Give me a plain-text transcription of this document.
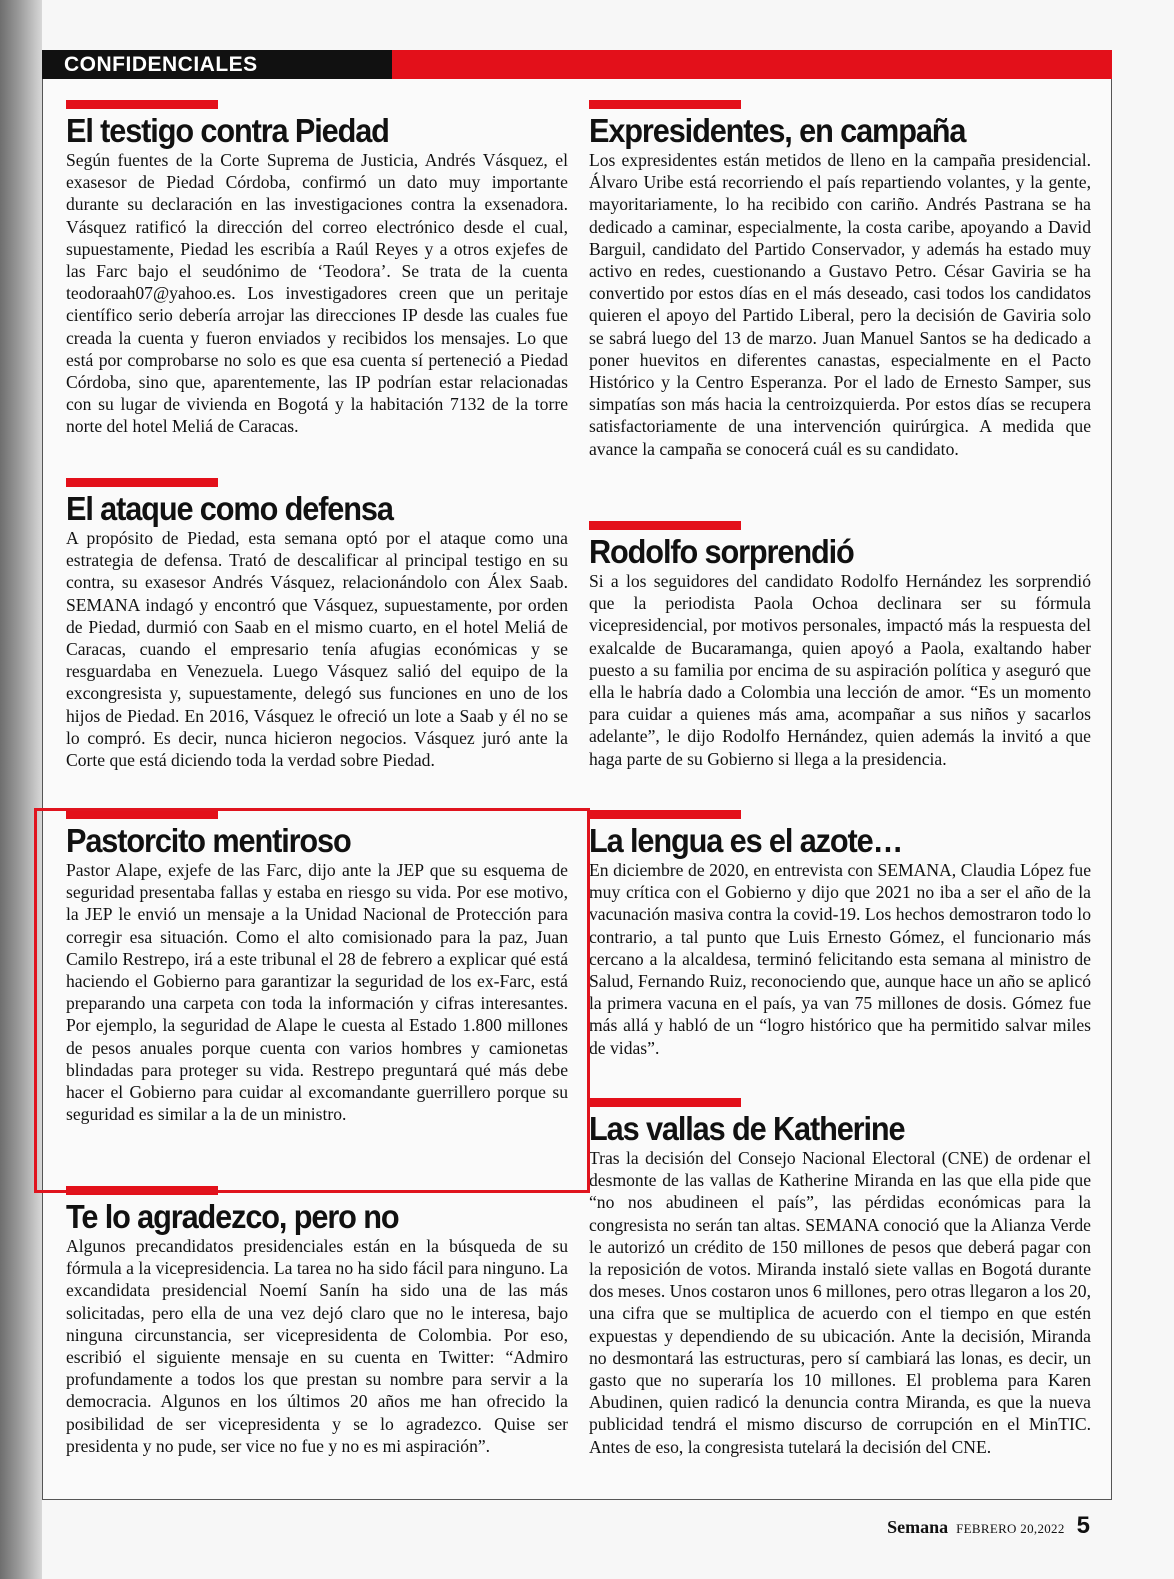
CONFIDENCIALES
El testigo contra Piedad

Según fuentes de la Corte Suprema de Justicia, Andrés Vásquez, el exasesor de Piedad Córdoba, confirmó un dato muy importante durante su declaración en las investigaciones contra la exsenadora. Vásquez ratificó la dirección del correo electrónico desde el cual, supuestamente, Piedad les escribía a Raúl Reyes y a otros exjefes de las Farc bajo el seudónimo de ‘Teodora’. Se trata de la cuenta teodoraah07@yahoo.es. Los investigadores creen que un peritaje científico serio debería arrojar las direcciones IP desde las cuales fue creada la cuenta y fueron enviados y recibidos los mensajes. Lo que está por comprobarse no solo es que esa cuenta sí perteneció a Piedad Córdoba, sino que, aparentemente, las IP podrían estar relacionadas con su lugar de vivienda en Bogotá y la habitación 7132 de la torre norte del hotel Meliá de Caracas.

El ataque como defensa

A propósito de Piedad, esta semana optó por el ataque como una estrategia de defensa. Trató de descalificar al principal testigo en su contra, su exasesor Andrés Vásquez, relacionándolo con Álex Saab. SEMANA indagó y encontró que Vásquez, supuestamente, por orden de Piedad, durmió con Saab en el mismo cuarto, en el hotel Meliá de Caracas, cuando el empresario tenía afugias económicas y se resguardaba en Venezuela. Luego Vásquez salió del equipo de la excongresista y, supuestamente, delegó sus funciones en uno de los hijos de Piedad. En 2016, Vásquez le ofreció un lote a Saab y él no se lo compró. Es decir, nunca hicieron negocios. Vásquez juró ante la Corte que está diciendo toda la verdad sobre Piedad.

Pastorcito mentiroso

Pastor Alape, exjefe de las Farc, dijo ante la JEP que su esquema de seguridad presentaba fallas y estaba en riesgo su vida. Por ese motivo, la JEP le envió un mensaje a la Unidad Nacional de Protección para corregir esa situación. Como el alto comisionado para la paz, Juan Camilo Restrepo, irá a este tribunal el 28 de febrero a explicar qué está haciendo el Gobierno para garantizar la seguridad de los ex-Farc, está preparando una carpeta con toda la información y cifras interesantes. Por ejemplo, la seguridad de Alape le cuesta al Estado 1.800 millones de pesos anuales porque cuenta con varios hombres y camionetas blindadas para proteger su vida. Restrepo preguntará qué más debe hacer el Gobierno para cuidar al excomandante guerrillero porque su seguridad es similar a la de un ministro.

Te lo agradezco, pero no

Algunos precandidatos presidenciales están en la búsqueda de su fórmula a la vicepresidencia. La tarea no ha sido fácil para ninguno. La excandidata presidencial Noemí Sanín ha sido una de las más solicitadas, pero ella de una vez dejó claro que no le interesa, bajo ninguna circunstancia, ser vicepresidenta de Colombia. Por eso, escribió el siguiente mensaje en su cuenta en Twitter: “Admiro profundamente a todos los que prestan su nombre para servir a la democracia. Algunos en los últimos 20 años me han ofrecido la posibilidad de ser vicepresidenta y se lo agradezco. Quise ser presidenta y no pude, ser vice no fue y no es mi aspiración”.

Expresidentes, en campaña

Los expresidentes están metidos de lleno en la campaña presidencial. Álvaro Uribe está recorriendo el país repartiendo volantes, y la gente, mayoritariamente, lo ha recibido con cariño. Andrés Pastrana se ha dedicado a caminar, especialmente, la costa caribe, apoyando a David Barguil, candidato del Partido Conservador, y además ha estado muy activo en redes, cuestionando a Gustavo Petro. César Gaviria se ha convertido por estos días en el más deseado, casi todos los candidatos quieren el apoyo del Partido Liberal, pero la decisión de Gaviria solo se sabrá luego del 13 de marzo. Juan Manuel Santos se ha dedicado a poner huevitos en diferentes canastas, especialmente en el Pacto Histórico y la Centro Esperanza. Por el lado de Ernesto Samper, sus simpatías son más hacia la centroizquierda. Por estos días se recupera satisfactoriamente de una intervención quirúrgica. A medida que avance la campaña se conocerá cuál es su candidato.

Rodolfo sorprendió

Si a los seguidores del candidato Rodolfo Hernández les sorprendió que la periodista Paola Ochoa declinara ser su fórmula vicepresidencial, por motivos personales, impactó más la respuesta del exalcalde de Bucaramanga, quien apoyó a Paola, exaltando haber puesto a su familia por encima de su aspiración política y aseguró que ella le habría dado a Colombia una lección de amor. “Es un momento para cuidar a quienes más ama, acompañar a sus niños y sacarlos adelante”, le dijo Rodolfo Hernández, quien además la invitó a que haga parte de su Gobierno si llega a la presidencia.

La lengua es el azote…

En diciembre de 2020, en entrevista con SEMANA, Claudia López fue muy crítica con el Gobierno y dijo que 2021 no iba a ser el año de la vacunación masiva contra la covid-19. Los hechos demostraron todo lo contrario, a tal punto que Luis Ernesto Gómez, el funcionario más cercano a la alcaldesa, terminó felicitando esta semana al ministro de Salud, Fernando Ruiz, reconociendo que, aunque hace un año se aplicó la primera vacuna en el país, ya van 75 millones de dosis. Gómez fue más allá y habló de un “logro histórico que ha permitido salvar miles de vidas”.

Las vallas de Katherine

Tras la decisión del Consejo Nacional Electoral (CNE) de ordenar el desmonte de las vallas de Katherine Miranda en las que ella pide que “no nos abudineen el país”, las pérdidas económicas para la congresista no serán tan altas. SEMANA conoció que la Alianza Verde le autorizó un crédito de 150 millones de pesos que deberá pagar con la reposición de votos. Miranda instaló siete vallas en Bogotá durante dos meses. Unos costaron unos 6 millones, pero otras llegaron a los 20, una cifra que se multiplica de acuerdo con el tiempo en que estén expuestas y dependiendo de su ubicación. Ante la decisión, Miranda no desmontará las estructuras, pero sí cambiará las lonas, es decir, un gasto que no superaría los 10 millones. El problema para Karen Abudinen, quien radicó la denuncia contra Miranda, es que la nueva publicidad tendrá el mismo discurso de corrupción en el MinTIC. Antes de eso, la congresista tutelará la decisión del CNE.

Semana FEBRERO 20,2022 5
